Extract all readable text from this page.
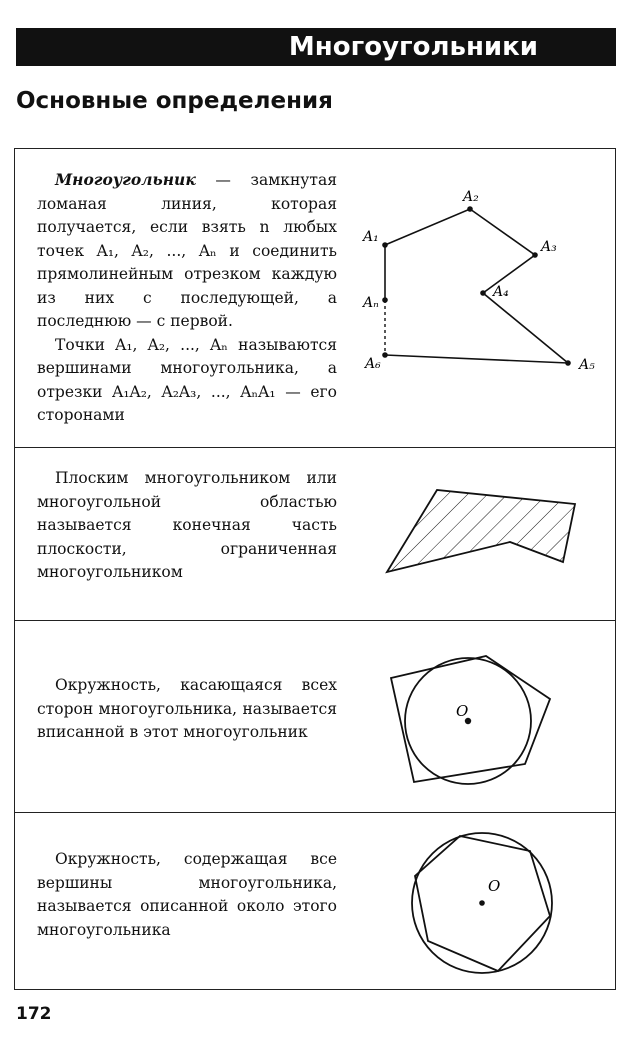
Многоугольники
Основные определения

Многоугольник — замкнутая ломаная линия, которая получается, если взять n любых точек A₁, A₂, ..., Aₙ и соединить прямолинейным отрезком каждую из них с последующей, а последнюю — с первой.

Точки A₁, A₂, ..., Aₙ называются вершинами многоугольника, а отрезки A₁A₂, A₂A₃, ..., AₙA₁ — его сторонами

A₁
A₂
A₃
A₄
A₅
A₆
Aₙ

Плоским многоугольником или многоугольной областью называется конечная часть плоскости, ограниченная многоугольником

Окружность, касающаяся всех сторон многоугольника, называется вписанной в этот многоугольник

O

Окружность, содержащая все вершины многоугольника, называется описанной около этого многоугольника

O
172
